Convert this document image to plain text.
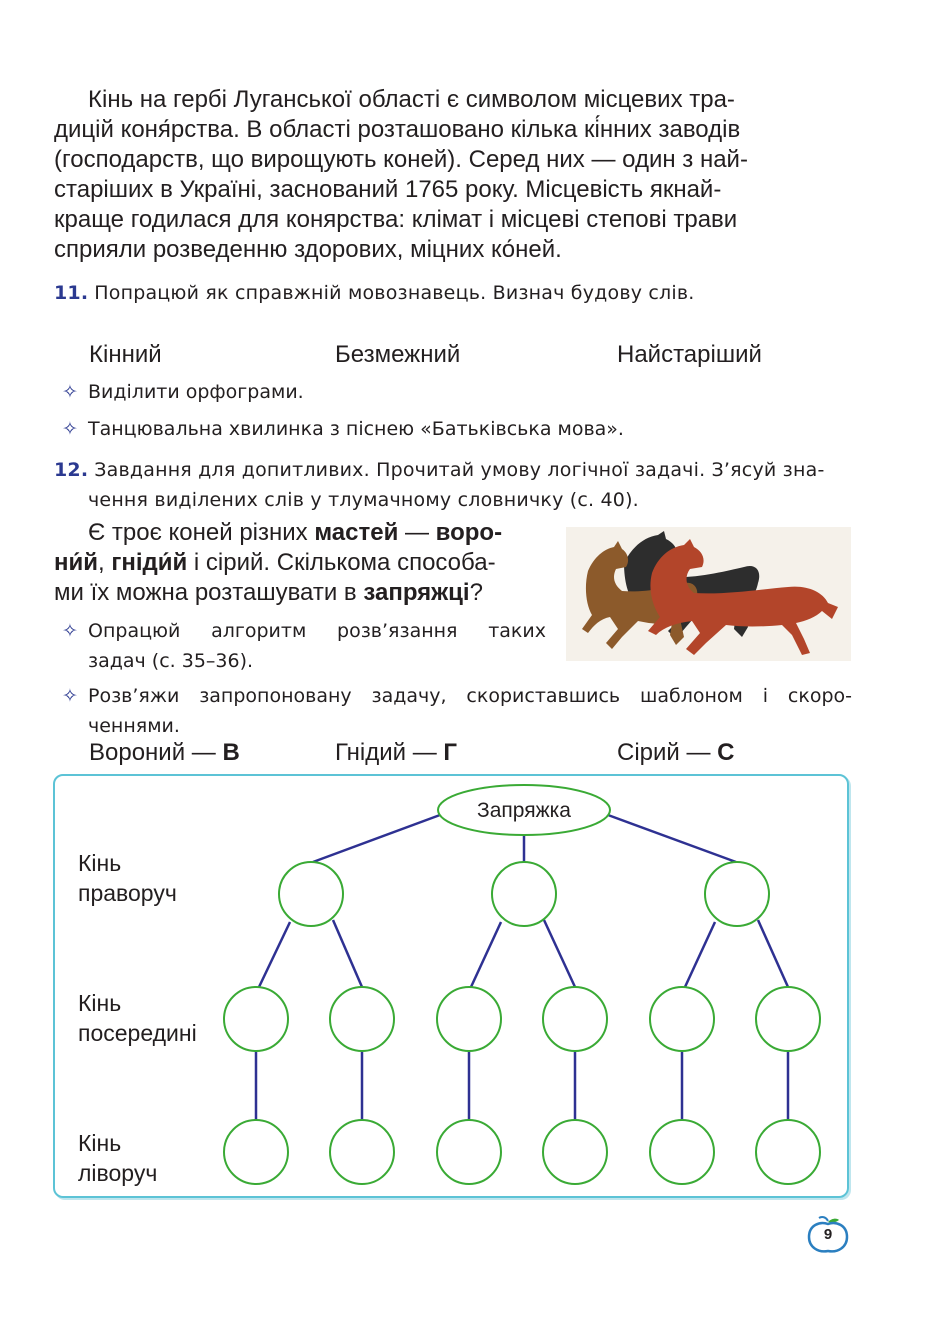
Кінь на гербі Луганської області є символом місцевих тра-
дицій коня́рства. В області розташовано кілька кі́нних заводів
(господарств, що вирощують коней). Серед них — один з най-
старіших в Україні, заснований 1765 року. Місцевість якнай-
краще годилася для конярства: клімат і місцеві степові трави
сприяли розведенню здорових, міцних ко́ней.
11. Попрацюй як справжній мовознавець. Визнач будову слів.
Кінний	Безмежний	Найстаріший
✧ Виділити орфограми.
✧ Танцювальна хвилинка з піснею «Батьківська мова».
12. Завдання для допитливих. Прочитай умову логічної задачі. З’ясуй зна-
чення виділених слів у тлумачному словничку (с. 40).
Є троє коней різних мастей — воро-
ни́й, гніди́й і сірий. Скількома способа-
ми їх можна розташувати в запряжці?
✧ Опрацюй алгоритм розв’язання таких
задач (с. 35–36).
✧ Розв’яжи запропоновану задачу, скориставшись шаблоном і скоро-
ченнями.
Вороний — В	Гнідий — Г	Сірий — С
Кінь
праворуч
Кінь
посередині
Кінь
ліворуч
Запряжка
9
